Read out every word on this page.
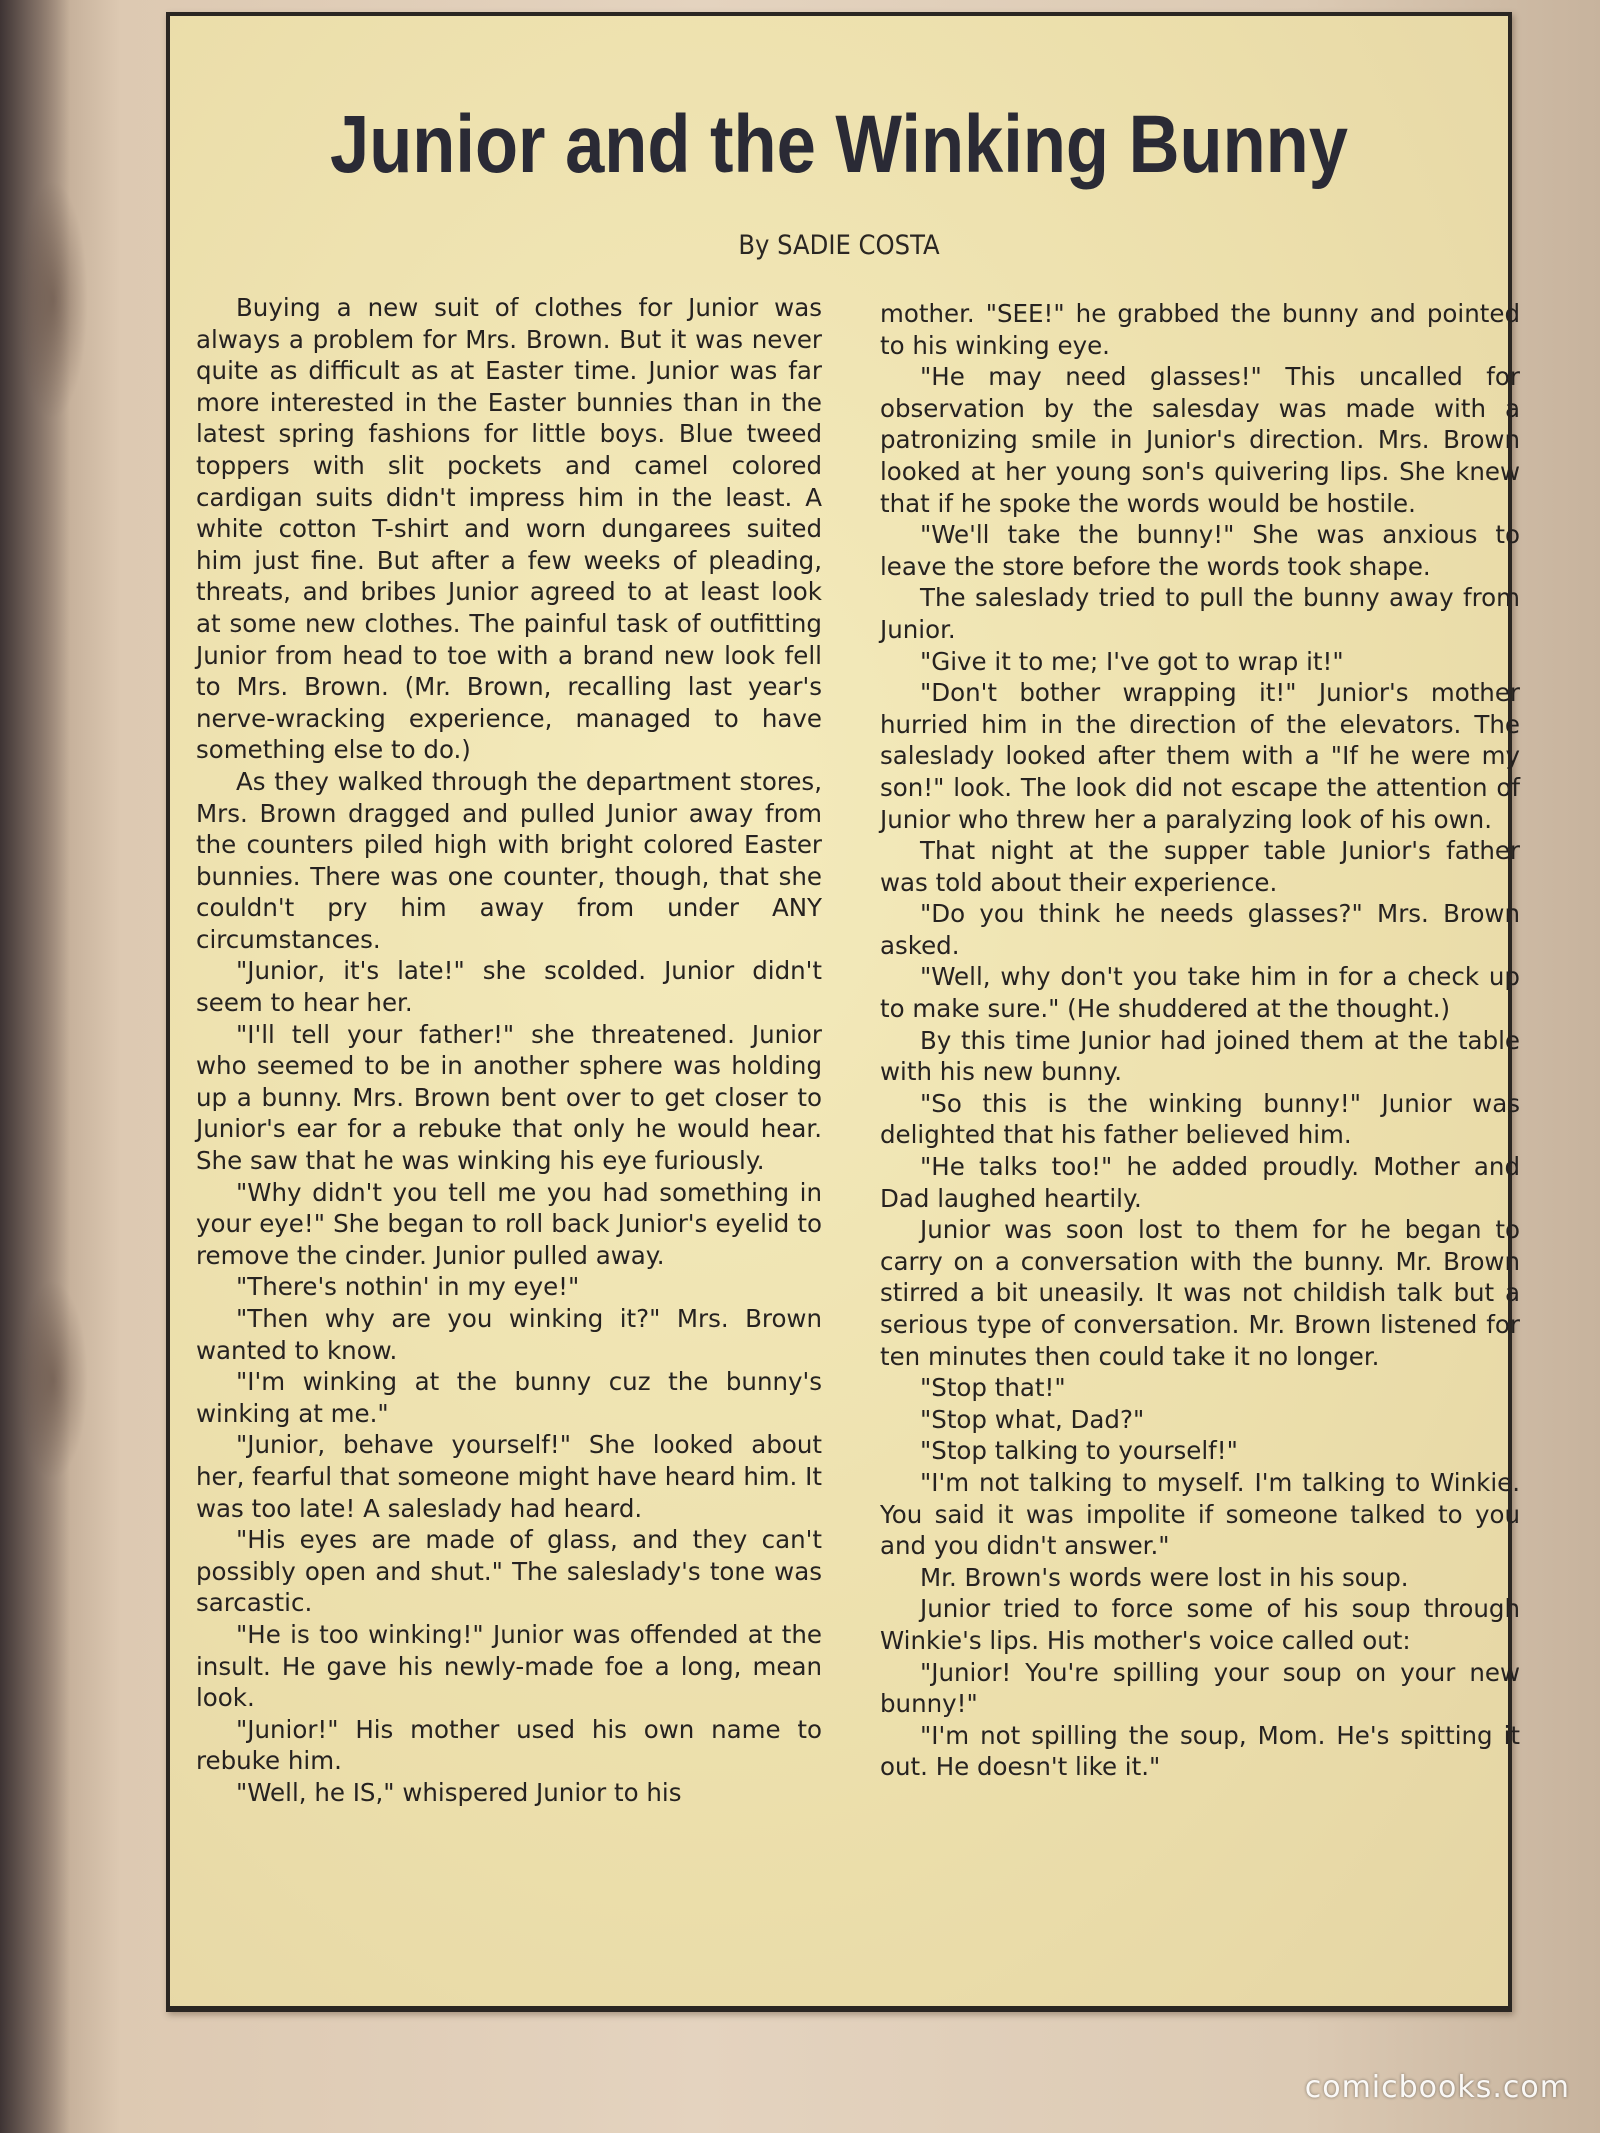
Junior and the Winking Bunny
By SADIE COSTA

Buying a new suit of clothes for Junior was always a problem for Mrs. Brown. But it was never quite as difficult as at Easter time. Junior was far more interested in the Easter bunnies than in the latest spring fashions for little boys. Blue tweed toppers with slit pockets and camel colored cardigan suits didn't impress him in the least. A white cotton T-shirt and worn dungarees suited him just fine. But after a few weeks of pleading, threats, and bribes Junior agreed to at least look at some new clothes. The painful task of outfitting Junior from head to toe with a brand new look fell to Mrs. Brown. (Mr. Brown, recalling last year's nerve-wracking experience, managed to have something else to do.)

As they walked through the department stores, Mrs. Brown dragged and pulled Junior away from the counters piled high with bright colored Easter bunnies. There was one counter, though, that she couldn't pry him away from under ANY circumstances.

"Junior, it's late!" she scolded. Junior didn't seem to hear her.

"I'll tell your father!" she threatened. Junior who seemed to be in another sphere was holding up a bunny. Mrs. Brown bent over to get closer to Junior's ear for a rebuke that only he would hear. She saw that he was winking his eye furiously.

"Why didn't you tell me you had something in your eye!" She began to roll back Junior's eyelid to remove the cinder. Junior pulled away.

"There's nothin' in my eye!"

"Then why are you winking it?" Mrs. Brown wanted to know.

"I'm winking at the bunny cuz the bunny's winking at me."

"Junior, behave yourself!" She looked about her, fearful that someone might have heard him. It was too late! A saleslady had heard.

"His eyes are made of glass, and they can't possibly open and shut." The saleslady's tone was sarcastic.

"He is too winking!" Junior was offended at the insult. He gave his newly-made foe a long, mean look.

"Junior!" His mother used his own name to rebuke him.

"Well, he IS," whispered Junior to his

mother. "SEE!" he grabbed the bunny and pointed to his winking eye.

"He may need glasses!" This uncalled for observation by the salesday was made with a patronizing smile in Junior's direction. Mrs. Brown looked at her young son's quivering lips. She knew that if he spoke the words would be hostile.

"We'll take the bunny!" She was anxious to leave the store before the words took shape.

The saleslady tried to pull the bunny away from Junior.

"Give it to me; I've got to wrap it!"

"Don't bother wrapping it!" Junior's mother hurried him in the direction of the elevators. The saleslady looked after them with a "If he were my son!" look. The look did not escape the attention of Junior who threw her a paralyzing look of his own.

That night at the supper table Junior's father was told about their experience.

"Do you think he needs glasses?" Mrs. Brown asked.

"Well, why don't you take him in for a check up to make sure." (He shuddered at the thought.)

By this time Junior had joined them at the table with his new bunny.

"So this is the winking bunny!" Junior was delighted that his father believed him.

"He talks too!" he added proudly. Mother and Dad laughed heartily.

Junior was soon lost to them for he began to carry on a conversation with the bunny. Mr. Brown stirred a bit uneasily. It was not childish talk but a serious type of conversation. Mr. Brown listened for ten minutes then could take it no longer.

"Stop that!"

"Stop what, Dad?"

"Stop talking to yourself!"

"I'm not talking to myself. I'm talking to Winkie. You said it was impolite if someone talked to you and you didn't answer."

Mr. Brown's words were lost in his soup.

Junior tried to force some of his soup through Winkie's lips. His mother's voice called out:

"Junior! You're spilling your soup on your new bunny!"

"I'm not spilling the soup, Mom. He's spitting it out. He doesn't like it."

comicbooks.com
